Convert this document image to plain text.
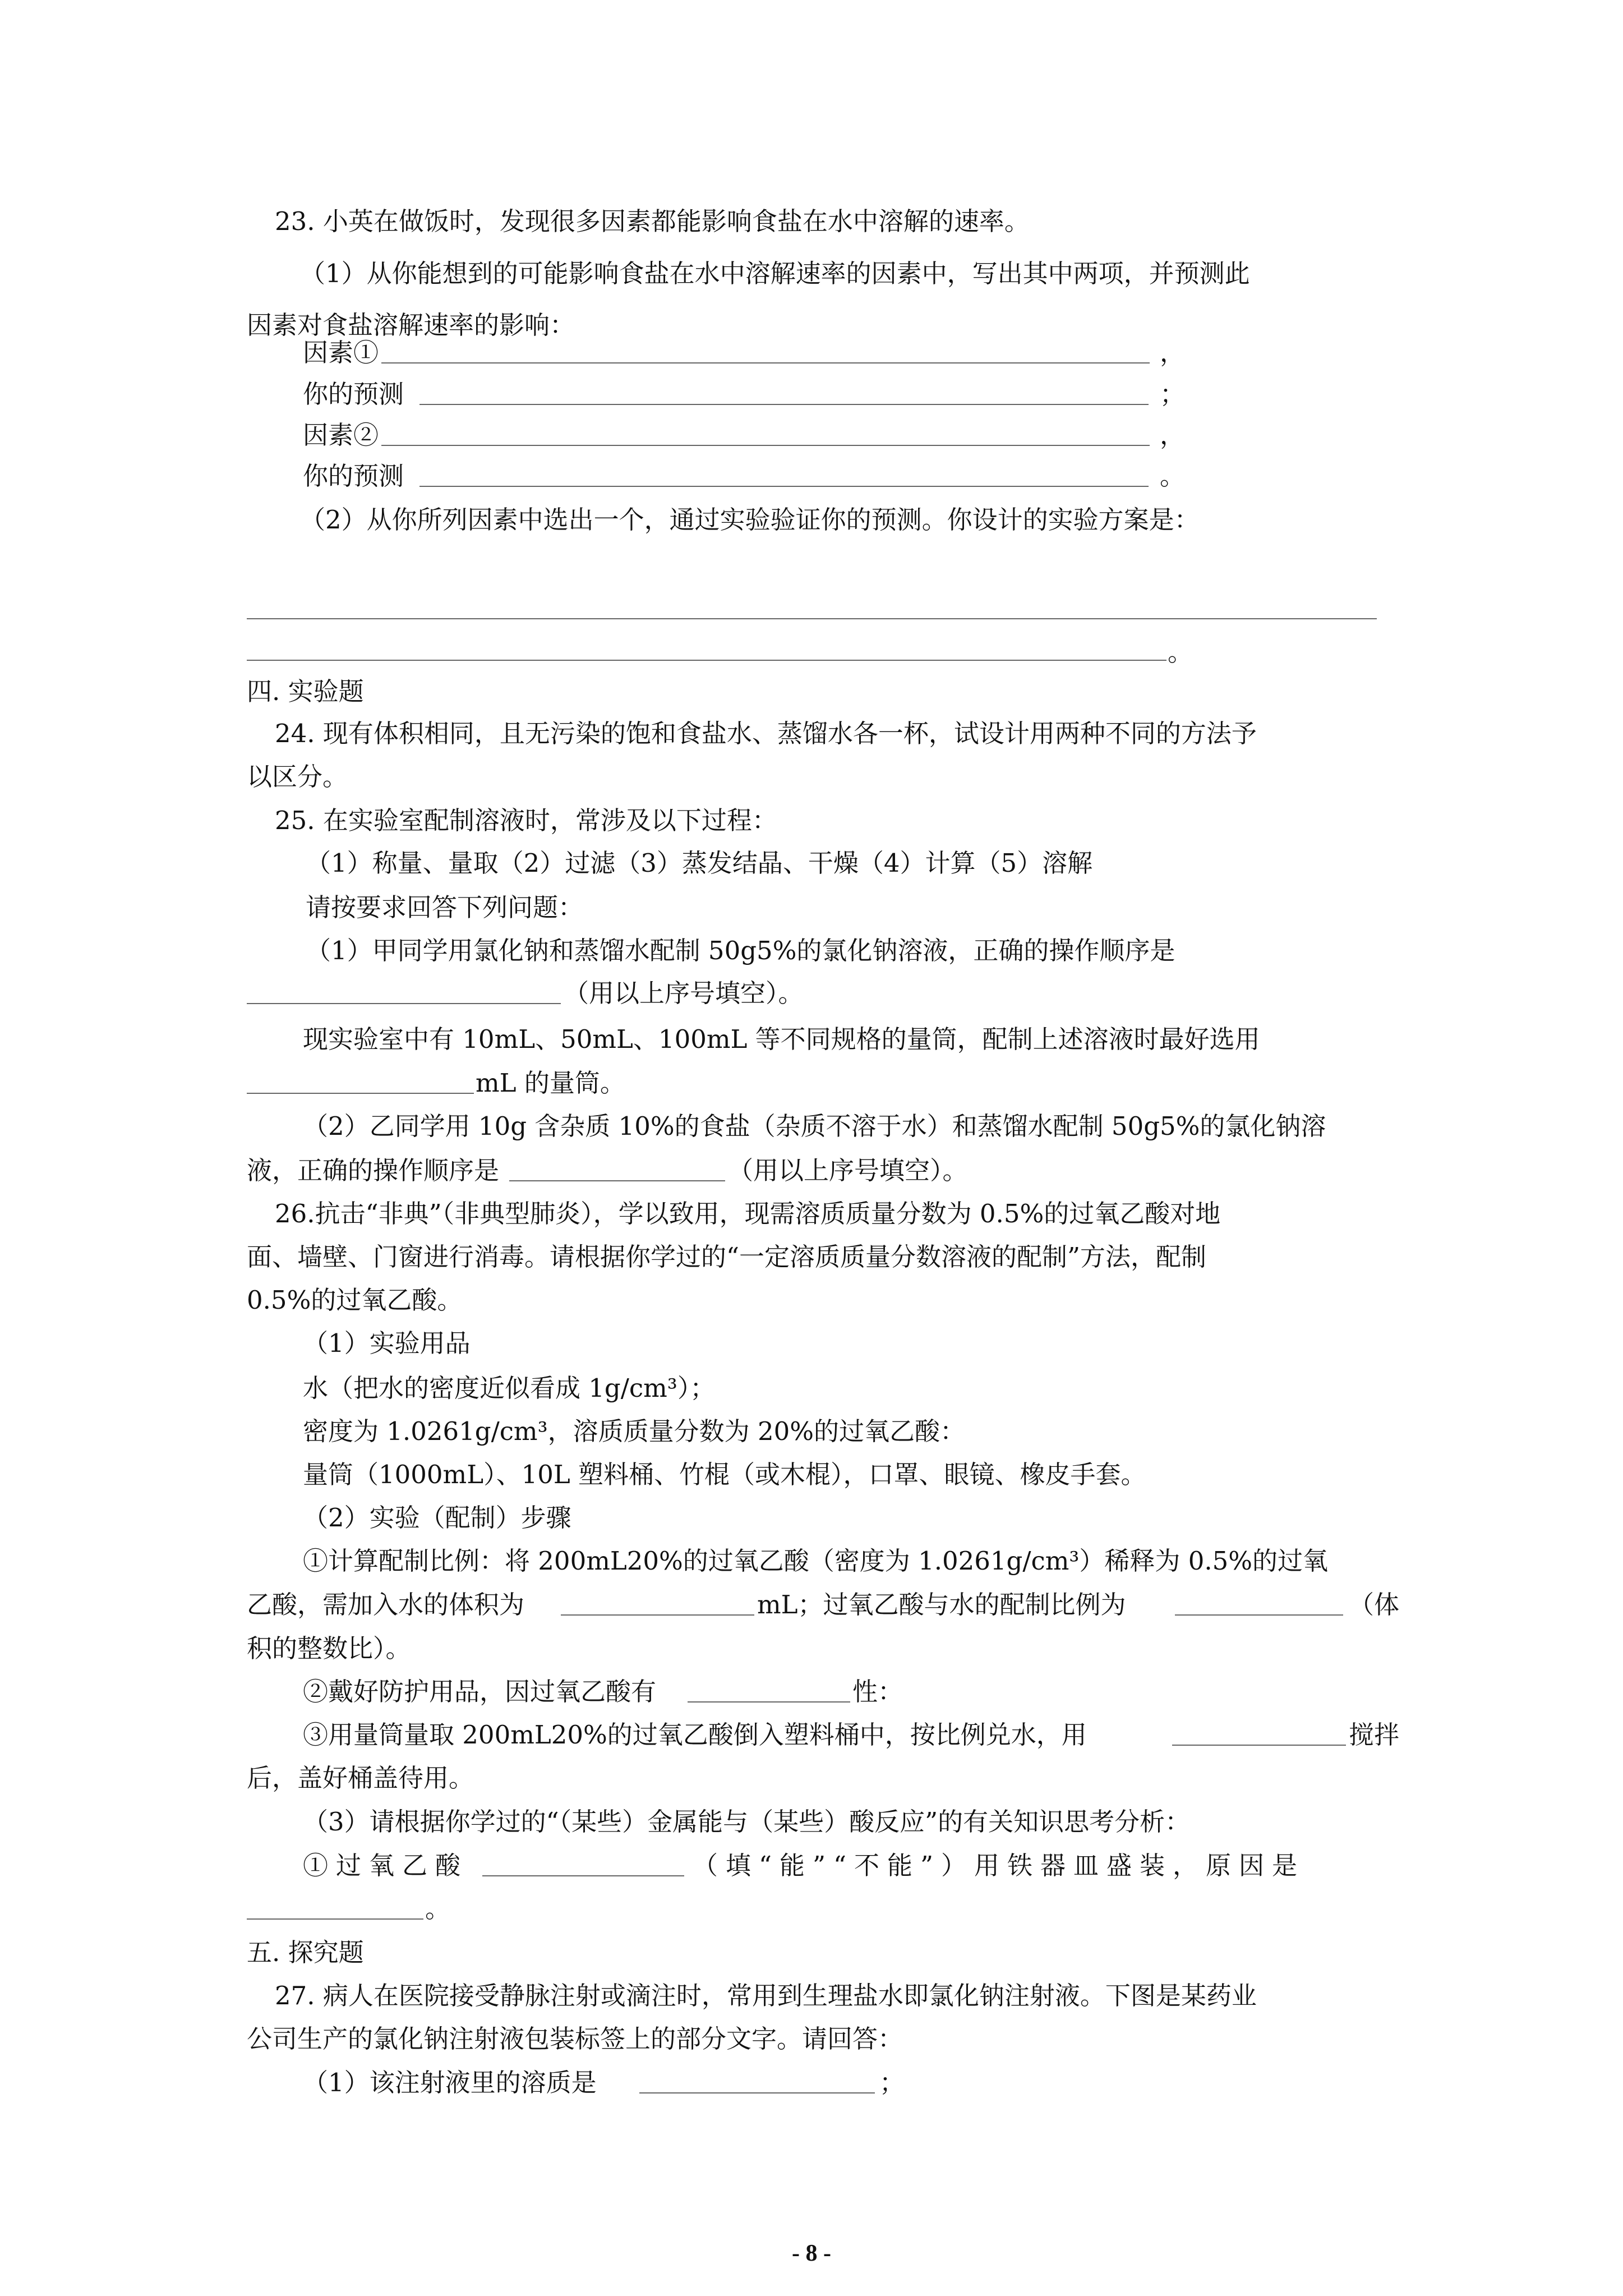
23. 小英在做饭时，发现很多因素都能影响食盐在水中溶解的速率。
（1）从你能想到的可能影响食盐在水中溶解速率的因素中，写出其中两项，并预测此
因素对食盐溶解速率的影响：
因素①	，
你的预测	；
因素②	，
你的预测	。
（2）从你所列因素中选出一个，通过实验验证你的预测。你设计的实验方案是：
。
四. 实验题
24. 现有体积相同，且无污染的饱和食盐水、蒸馏水各一杯，试设计用两种不同的方法予
以区分。
25. 在实验室配制溶液时，常涉及以下过程：
（1）称量、量取（2）过滤（3）蒸发结晶、干燥（4）计算（5）溶解
请按要求回答下列问题：
（1）甲同学用氯化钠和蒸馏水配制 50g5%的氯化钠溶液，正确的操作顺序是
（用以上序号填空）。
现实验室中有 10mL、50mL、100mL 等不同规格的量筒，配制上述溶液时最好选用
mL 的量筒。
（2）乙同学用 10g 含杂质 10%的食盐（杂质不溶于水）和蒸馏水配制 50g5%的氯化钠溶
液，正确的操作顺序是	（用以上序号填空）。
26.抗击“非典”（非典型肺炎），学以致用，现需溶质质量分数为 0.5%的过氧乙酸对地
面、墙壁、门窗进行消毒。请根据你学过的“一定溶质质量分数溶液的配制”方法，配制
0.5%的过氧乙酸。
（1）实验用品
水（把水的密度近似看成 1g/cm³）；
密度为 1.0261g/cm³，溶质质量分数为 20%的过氧乙酸：
量筒（1000mL）、10L 塑料桶、竹棍（或木棍），口罩、眼镜、橡皮手套。
（2）实验（配制）步骤
①计算配制比例：将 200mL20%的过氧乙酸（密度为 1.0261g/cm³）稀释为 0.5%的过氧
乙酸，需加入水的体积为	mL；过氧乙酸与水的配制比例为	（体
积的整数比）。
②戴好防护用品，因过氧乙酸有	性：
③用量筒量取 200mL20%的过氧乙酸倒入塑料桶中，按比例兑水，用	搅拌
后，盖好桶盖待用。
（3）请根据你学过的“（某些）金属能与（某些）酸反应”的有关知识思考分析：
①过氧乙酸	（填“能”“不能”）用铁器皿盛装，原因是
。
五. 探究题
27. 病人在医院接受静脉注射或滴注时，常用到生理盐水即氯化钠注射液。下图是某药业
公司生产的氯化钠注射液包装标签上的部分文字。请回答：
（1）该注射液里的溶质是	；
- 8 -
